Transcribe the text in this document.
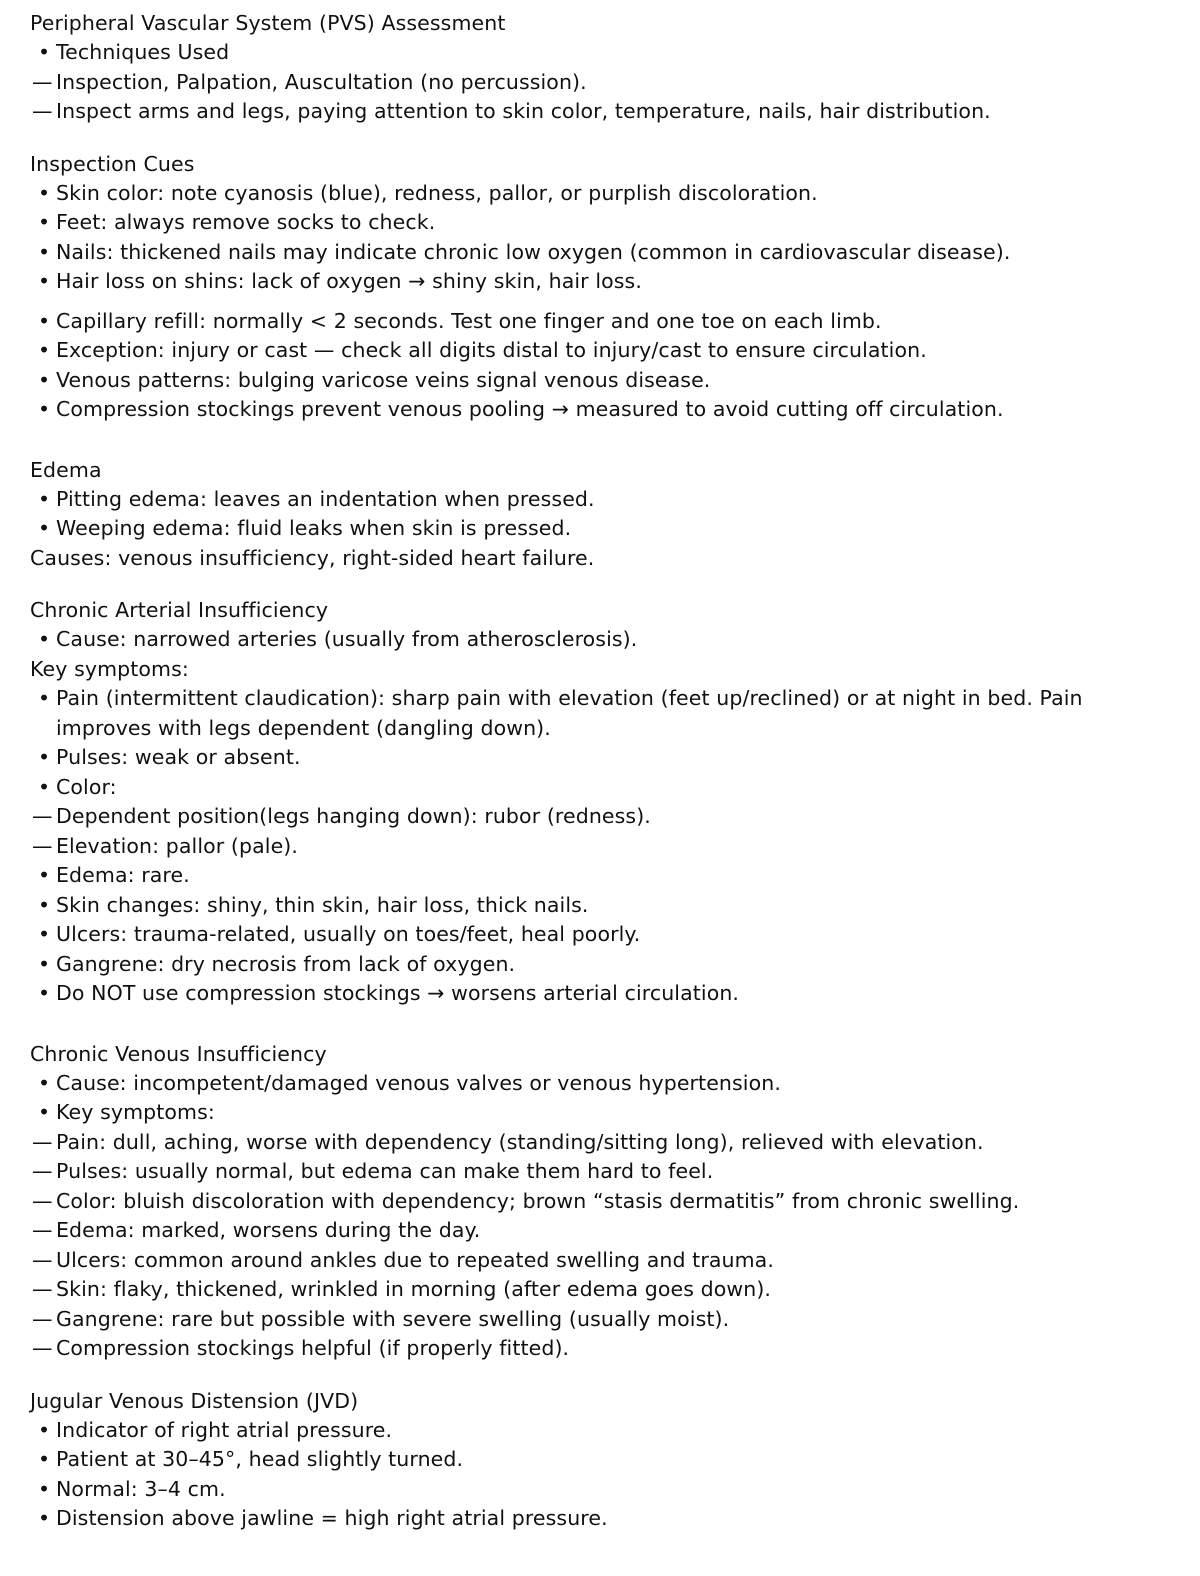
Peripheral Vascular System (PVS) Assessment
• Techniques Used
— Inspection, Palpation, Auscultation (no percussion).
— Inspect arms and legs, paying attention to skin color, temperature, nails, hair distribution.
Inspection Cues
• Skin color: note cyanosis (blue), redness, pallor, or purplish discoloration.
• Feet: always remove socks to check.
• Nails: thickened nails may indicate chronic low oxygen (common in cardiovascular disease).
• Hair loss on shins: lack of oxygen → shiny skin, hair loss.
• Capillary refill: normally < 2 seconds. Test one finger and one toe on each limb.
• Exception: injury or cast — check all digits distal to injury/cast to ensure circulation.
• Venous patterns: bulging varicose veins signal venous disease.
• Compression stockings prevent venous pooling → measured to avoid cutting off circulation.
Edema
• Pitting edema: leaves an indentation when pressed.
• Weeping edema: fluid leaks when skin is pressed.
Causes: venous insufficiency, right-sided heart failure.
Chronic Arterial Insufficiency
• Cause: narrowed arteries (usually from atherosclerosis).
Key symptoms:
• Pain (intermittent claudication): sharp pain with elevation (feet up/reclined) or at night in bed. Pain improves with legs dependent (dangling down).
• Pulses: weak or absent.
• Color:
— Dependent position(legs hanging down): rubor (redness).
— Elevation: pallor (pale).
• Edema: rare.
• Skin changes: shiny, thin skin, hair loss, thick nails.
• Ulcers: trauma-related, usually on toes/feet, heal poorly.
• Gangrene: dry necrosis from lack of oxygen.
• Do NOT use compression stockings → worsens arterial circulation.
Chronic Venous Insufficiency
• Cause: incompetent/damaged venous valves or venous hypertension.
• Key symptoms:
— Pain: dull, aching, worse with dependency (standing/sitting long), relieved with elevation.
— Pulses: usually normal, but edema can make them hard to feel.
— Color: bluish discoloration with dependency; brown “stasis dermatitis” from chronic swelling.
— Edema: marked, worsens during the day.
— Ulcers: common around ankles due to repeated swelling and trauma.
— Skin: flaky, thickened, wrinkled in morning (after edema goes down).
— Gangrene: rare but possible with severe swelling (usually moist).
— Compression stockings helpful (if properly fitted).
Jugular Venous Distension (JVD)
• Indicator of right atrial pressure.
• Patient at 30–45°, head slightly turned.
• Normal: 3–4 cm.
• Distension above jawline = high right atrial pressure.
